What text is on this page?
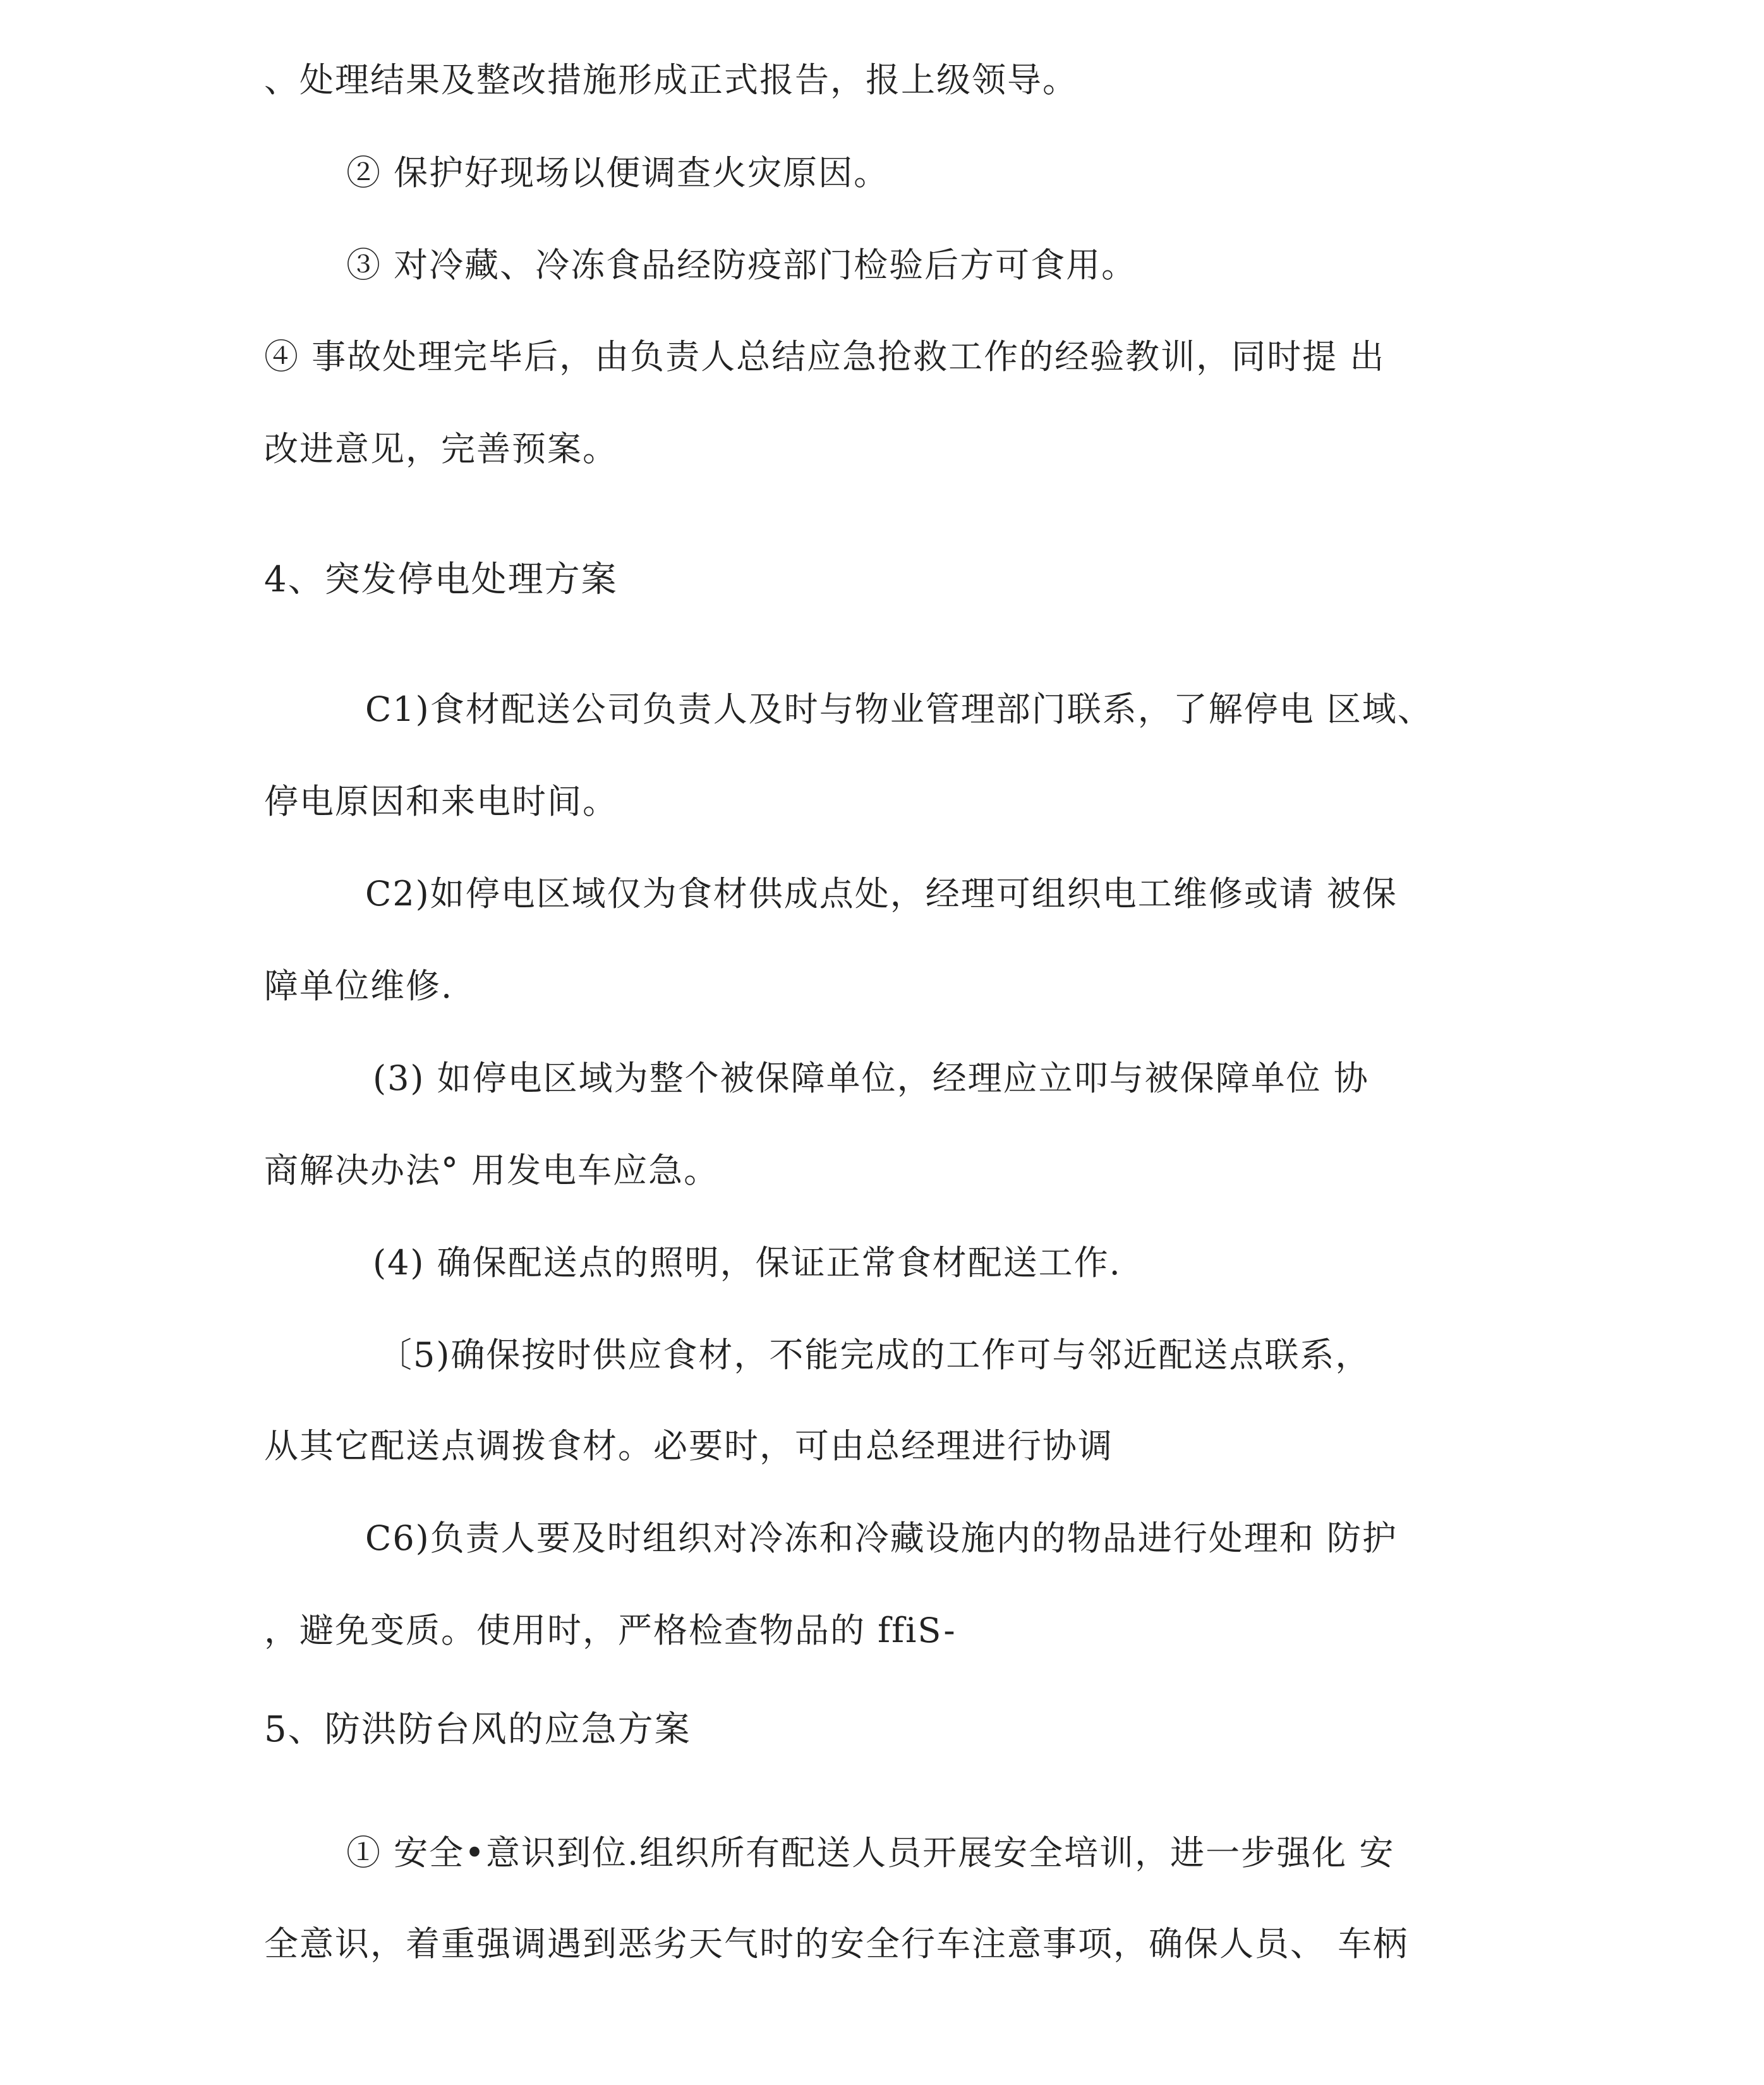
、处理结果及整改措施形成正式报告，报上级领导。

② 保护好现场以便调查火灾原因。

③ 对冷藏、冷冻食品经防疫部门检验后方可食用。

④ 事故处理完毕后，由负责人总结应急抢救工作的经验教训，同时提 出

改进意见，完善预案。

4、突发停电处理方案

C1)食材配送公司负责人及时与物业管理部门联系，了解停电 区域、

停电原因和来电时间。

C2)如停电区域仅为食材供成点处，经理可组织电工维修或请 被保

障单位维修.

(3) 如停电区域为整个被保障单位，经理应立叩与被保障单位 协

商解决办法° 用发电车应急。

(4) 确保配送点的照明，保证正常食材配送工作.

〔5)确保按时供应食材，不能完成的工作可与邻近配送点联系，

从其它配送点调拨食材。必要时，可由总经理进行协调

C6)负责人要及时组织对冷冻和冷藏设施内的物品进行处理和 防护

，避免变质。使用时，严格检查物品的 ffiS-

5、防洪防台风的应急方案

① 安全•意识到位.组织所有配送人员开展安全培训，进一步强化 安

全意识，着重强调遇到恶劣天气时的安全行车注意事项，确保人员、 车柄
